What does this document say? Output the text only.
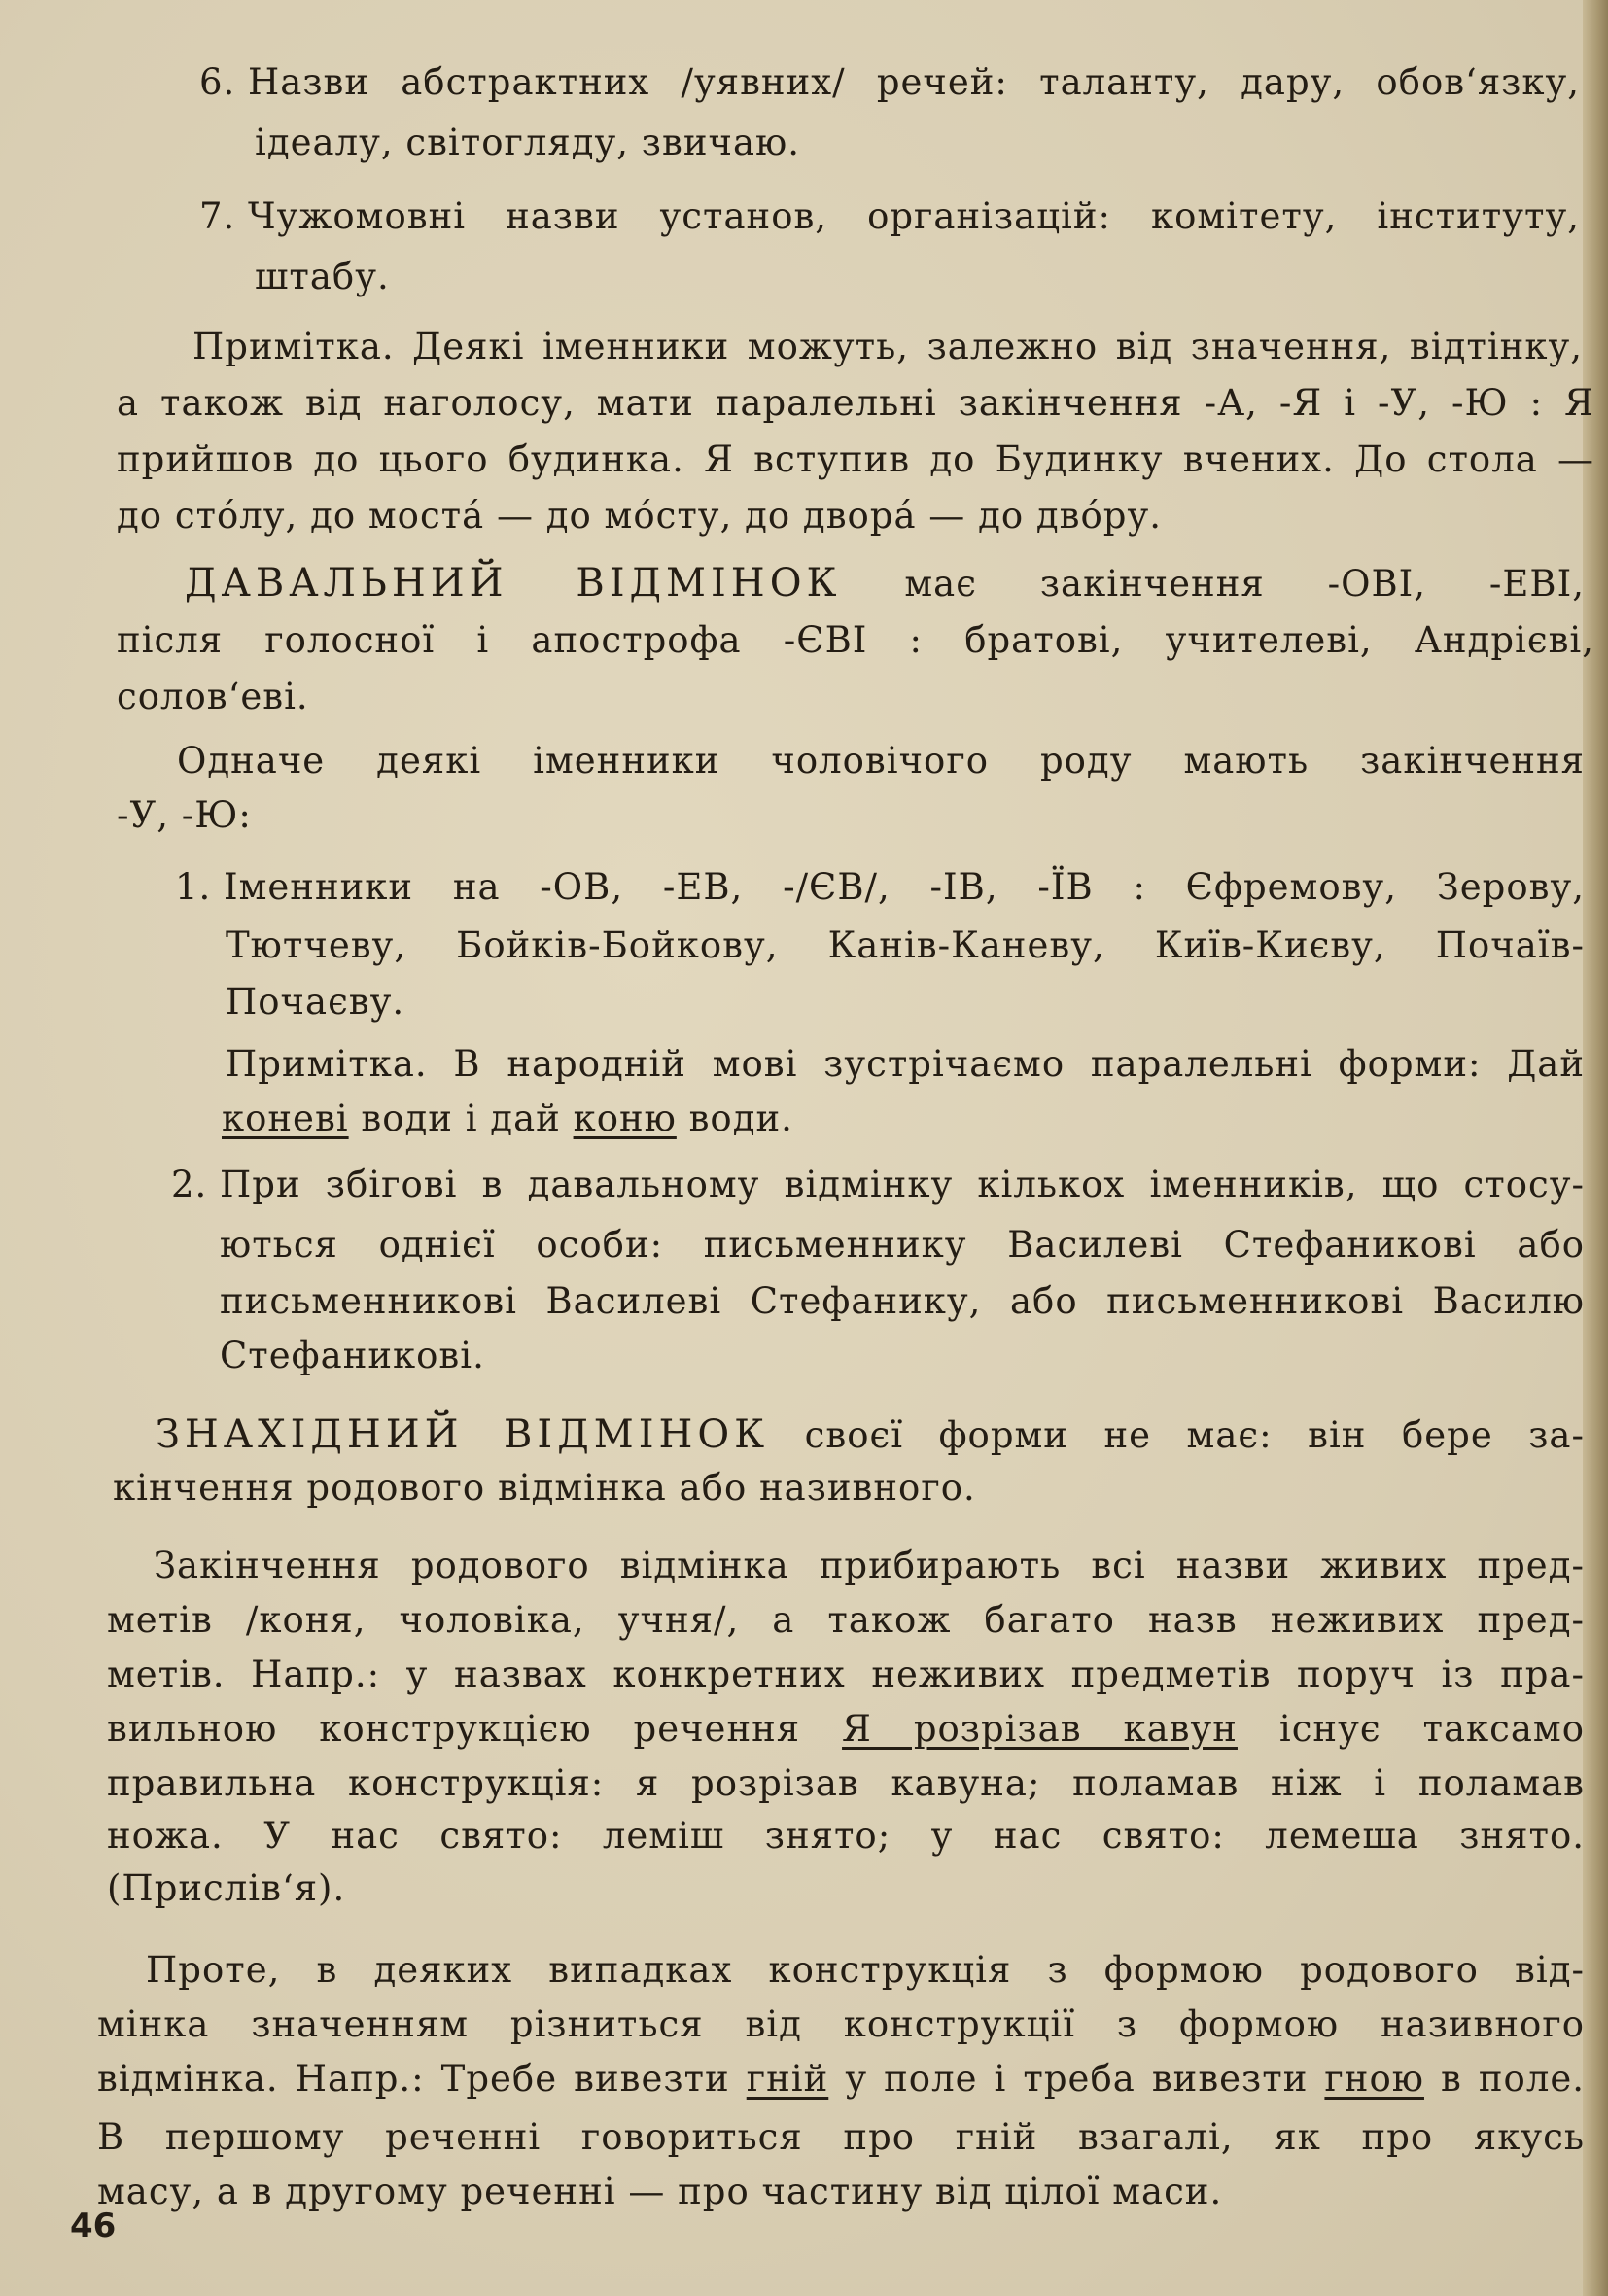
6. Назви абстрактних /уявних/ речей: таланту, дару, обов‘язку,

ідеалу, світогляду, звичаю.

7. Чужомовні назви установ, організацій: комітету, інституту,

штабу.

Примітка. Деякі іменники можуть, залежно від значення, відтінку,

а також від наголосу, мати паралельні закінчення -А, -Я і -У, -Ю : Я

прийшов до цього будинка. Я вступив до Будинку вчених. До стола —

до стóлу, до мостá — до мóсту, до дворá — до двóру.

ДАВАЛЬНИЙ ВІДМІНОК має закінчення -ОВІ, -ЕВІ,

після голосної і апострофа -ЄВІ : братові, учителеві, Андрієві,

солов‘еві.

Одначе деякі іменники чоловічого роду мають закінчення

-У, -Ю:

1. Іменники на -ОВ, -ЕВ, -/ЄВ/, -ІВ, -ЇВ : Єфремову, Зерову,

Тютчеву, Бойків-Бойкову, Канів-Каневу, Київ-Києву, Почаїв-

Почаєву.

Примітка. В народній мові зустрічаємо паралельні форми: Дай

коневі води і дай коню води.

2. При збігові в давальному відмінку кількох іменників, що стосу-

ються однієї особи: письменнику Василеві Стефаникові або

письменникові Василеві Стефанику, або письменникові Василю

Стефаникові.

ЗНАХІДНИЙ ВІДМІНОК своєї форми не має: він бере за-

кінчення родового відмінка або називного.

Закінчення родового відмінка прибирають всі назви живих пред-

метів /коня, чоловіка, учня/, а також багато назв неживих пред-

метів. Напр.: у назвах конкретних неживих предметів поруч із пра-

вильною конструкцією речення Я розрізав кавун існує таксамо

правильна конструкція: я розрізав кавуна; поламав ніж і поламав

ножа. У нас свято: леміш знято; у нас свято: лемеша знято.

(Прислів‘я).

Проте, в деяких випадках конструкція з формою родового від-

мінка значенням різниться від конструкції з формою називного

відмінка. Напр.: Требе вивезти гній у поле і треба вивезти гною в поле.

В першому реченні говориться про гній взагалі, як про якусь

масу, а в другому реченні — про частину від цілої маси.

46
